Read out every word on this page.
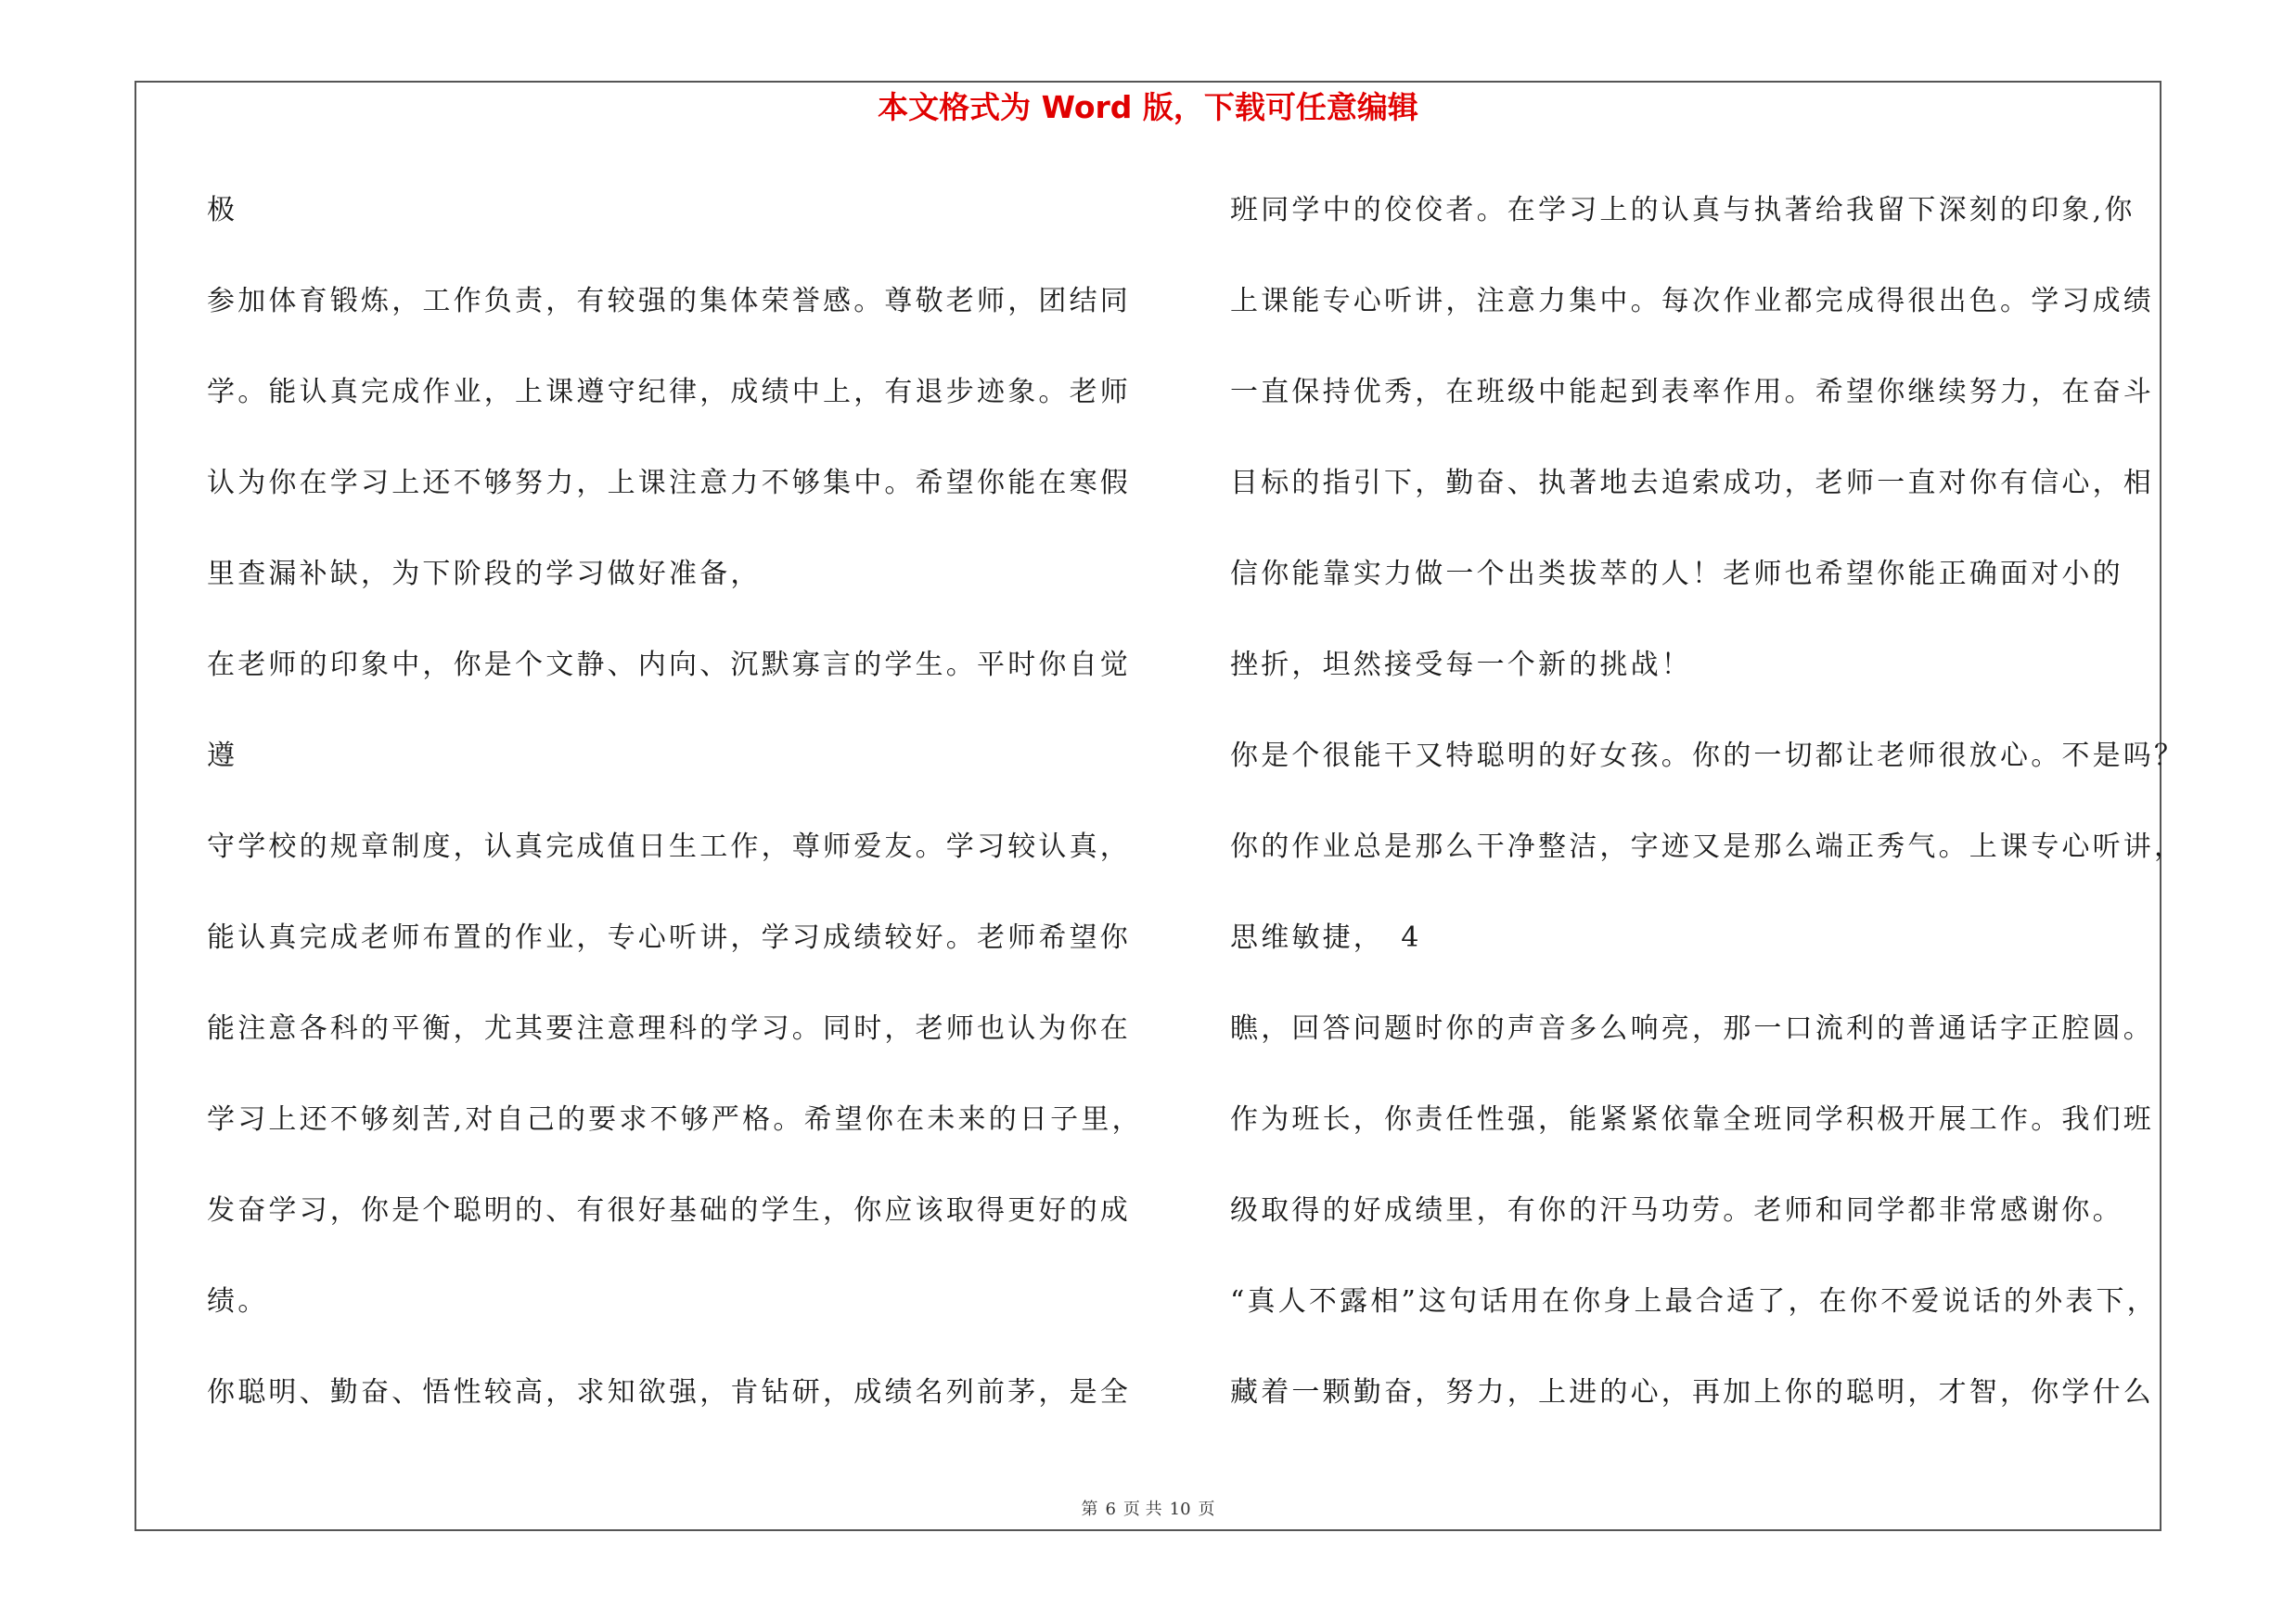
本文格式为 Word 版，下载可任意编辑
极
参加体育锻炼，工作负责，有较强的集体荣誉感。尊敬老师，团结同
学。能认真完成作业，上课遵守纪律，成绩中上，有退步迹象。老师
认为你在学习上还不够努力，上课注意力不够集中。希望你能在寒假
里查漏补缺，为下阶段的学习做好准备，
在老师的印象中，你是个文静、内向、沉默寡言的学生。平时你自觉
遵
守学校的规章制度，认真完成值日生工作，尊师爱友。学习较认真，
能认真完成老师布置的作业，专心听讲，学习成绩较好。老师希望你
能注意各科的平衡，尤其要注意理科的学习。同时，老师也认为你在
学习上还不够刻苦,对自己的要求不够严格。希望你在未来的日子里，
发奋学习，你是个聪明的、有很好基础的学生，你应该取得更好的成
绩。
你聪明、勤奋、悟性较高，求知欲强，肯钻研，成绩名列前茅，是全
班同学中的佼佼者。在学习上的认真与执著给我留下深刻的印象,你
上课能专心听讲，注意力集中。每次作业都完成得很出色。学习成绩
一直保持优秀，在班级中能起到表率作用。希望你继续努力，在奋斗
目标的指引下，勤奋、执著地去追索成功，老师一直对你有信心，相
信你能靠实力做一个出类拔萃的人！老师也希望你能正确面对小的
挫折，坦然接受每一个新的挑战！
你是个很能干又特聪明的好女孩。你的一切都让老师很放心。不是吗？
你的作业总是那么干净整洁，字迹又是那么端正秀气。上课专心听讲，
思维敏捷，　4
瞧，回答问题时你的声音多么响亮，那一口流利的普通话字正腔圆。
作为班长，你责任性强，能紧紧依靠全班同学积极开展工作。我们班
级取得的好成绩里，有你的汗马功劳。老师和同学都非常感谢你。
“真人不露相”这句话用在你身上最合适了，在你不爱说话的外表下，
藏着一颗勤奋，努力，上进的心，再加上你的聪明，才智，你学什么
第 6 页 共 10 页
